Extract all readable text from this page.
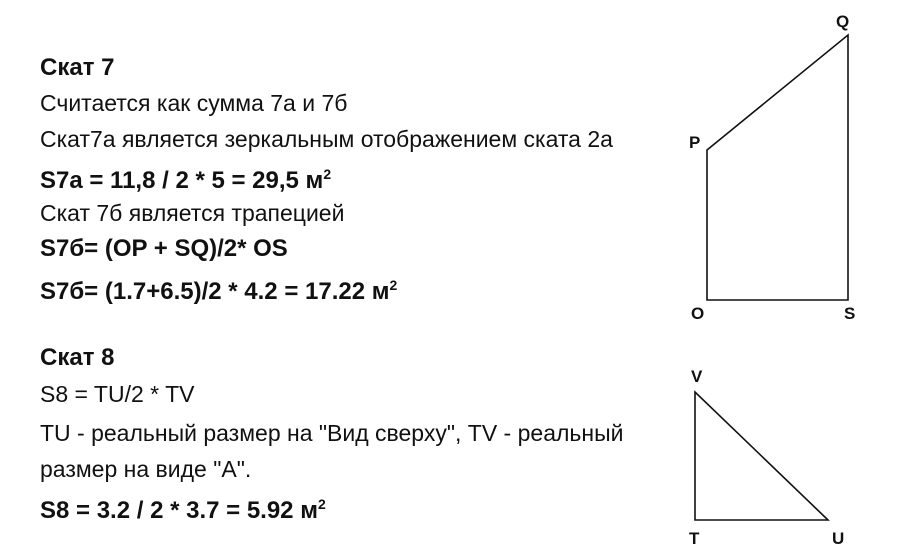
Скат 7
Считается как сумма 7а и 7б
Скат7а является зеркальным отображением ската 2а
S7а = 11,8 / 2 * 5 = 29,5 $м^2$
Скат 7б является трапецией
S7б= (OP + SQ)/2* OS
S7б= (1.7+6.5)/2 * 4.2 = 17.22 $м^2$
Скат 8
S8 = TU/2 * TV
TU - реальный размер на "Вид сверху", TV - реальный
размер на виде "А".
S8 = 3.2 / 2 * 3.7 = 5.92 $м^2$
Q
P
O	S
V
T	U
